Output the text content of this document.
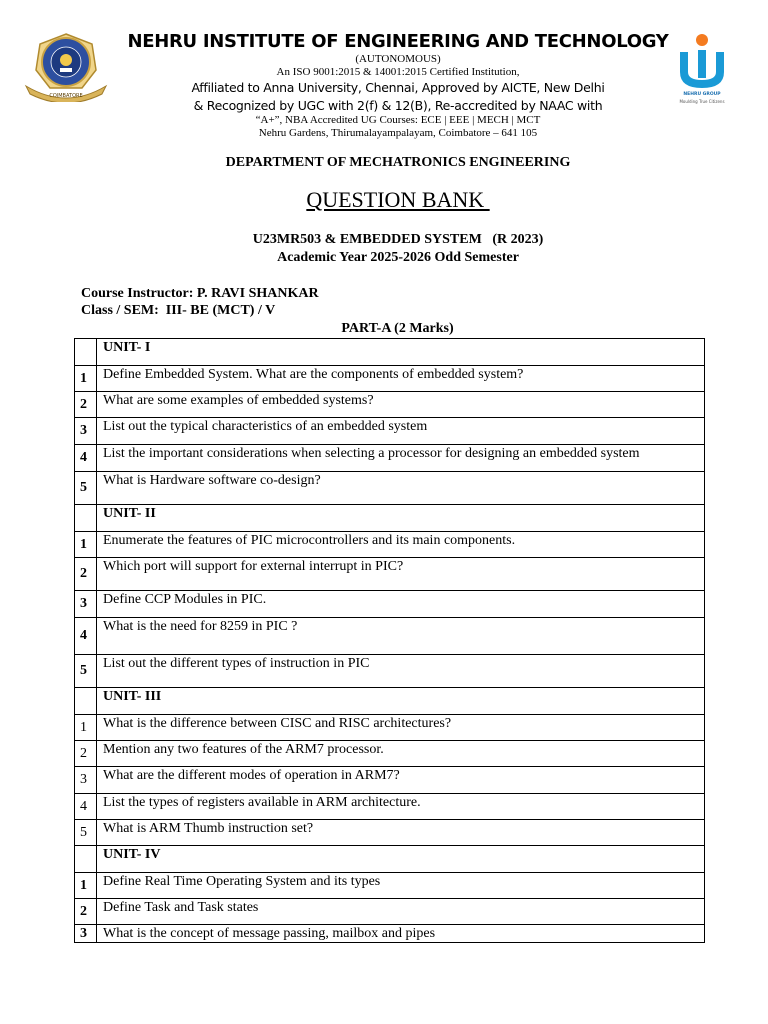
COIMBATORE	NEHRU GROUP
Moulding True Citizens
NEHRU INSTITUTE OF ENGINEERING AND TECHNOLOGY
(AUTONOMOUS)
An ISO 9001:2015 & 14001:2015 Certified Institution,
Affiliated to Anna University, Chennai, Approved by AICTE, New Delhi
& Recognized by UGC with 2(f) & 12(B), Re-accredited by NAAC with
“A+”, NBA Accredited UG Courses: ECE | EEE | MECH | MCT
Nehru Gardens, Thirumalayampalayam, Coimbatore – 641 105
DEPARTMENT OF MECHATRONICS ENGINEERING
QUESTION BANK
U23MR503 & EMBEDDED SYSTEM   (R 2023)
Academic Year 2025-2026 Odd Semester
Course Instructor: P. RAVI SHANKAR
Class / SEM:  III- BE (MCT) / V
PART-A (2 Marks)
	UNIT- I
1	Define Embedded System. What are the components of embedded system?
2	What are some examples of embedded systems?
3	List out the typical characteristics of an embedded system
4	List the important considerations when selecting a processor for designing an embedded system
5	What is Hardware software co-design?
	UNIT- II
1	Enumerate the features of PIC microcontrollers and its main components.
2	Which port will support for external interrupt in PIC?
3	Define CCP Modules in PIC.
4	What is the need for 8259 in PIC ?
5	List out the different types of instruction in PIC
	UNIT- III
1	What is the difference between CISC and RISC architectures?
2	Mention any two features of the ARM7 processor.
3	What are the different modes of operation in ARM7?
4	List the types of registers available in ARM architecture.
5	What is ARM Thumb instruction set?
	UNIT- IV
1	Define Real Time Operating System and its types
2	Define Task and Task states
3	What is the concept of message passing, mailbox and pipes
